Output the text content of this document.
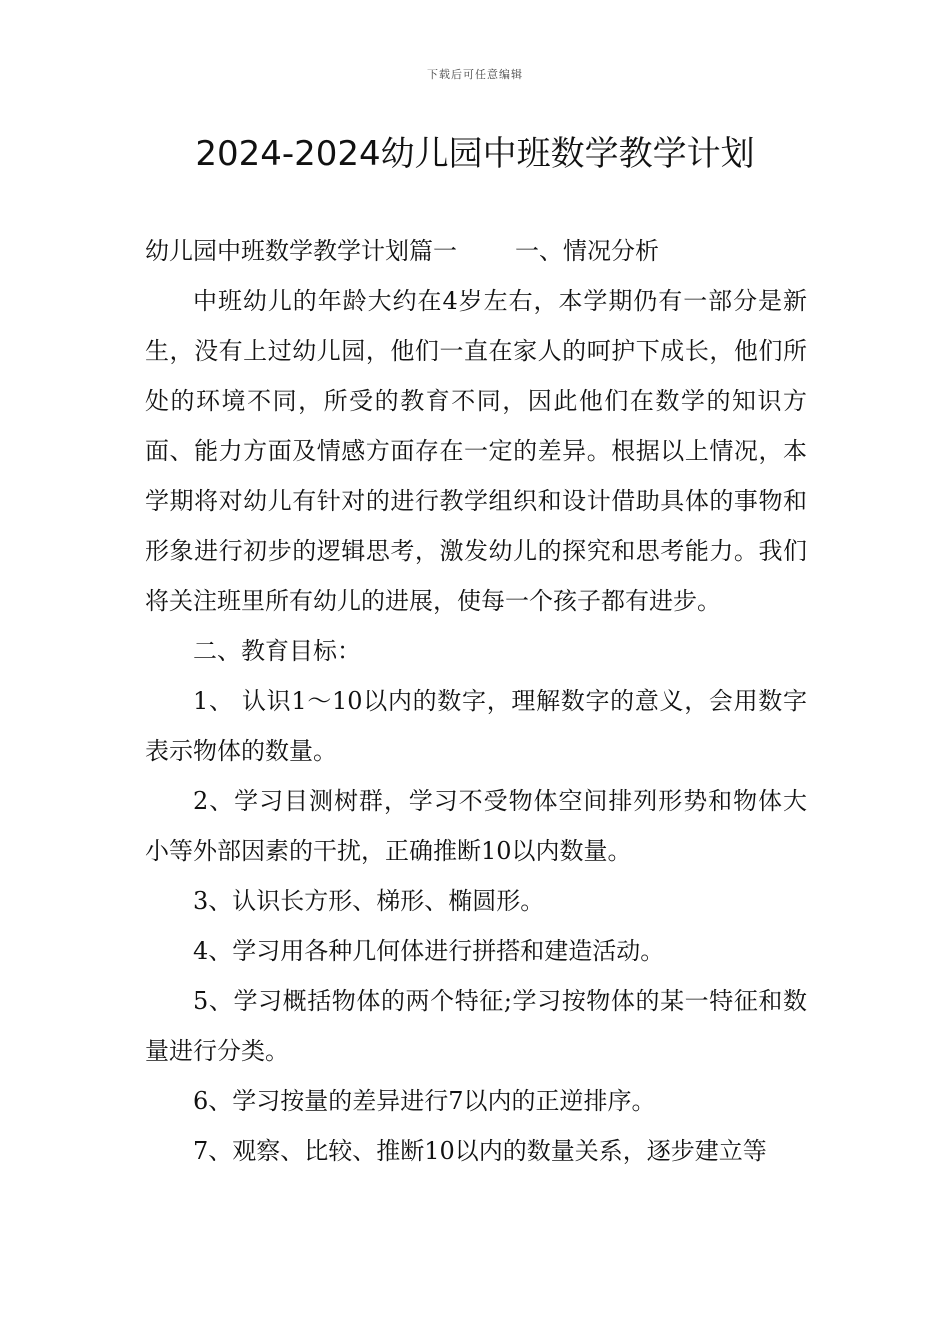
下载后可任意编辑
2024-2024幼儿园中班数学教学计划

幼儿园中班数学教学计划篇一 一、情况分析

中班幼儿的年龄大约在4岁左右，本学期仍有一部分是新生，没有上过幼儿园，他们一直在家人的呵护下成长，他们所处的环境不同，所受的教育不同，因此他们在数学的知识方面、能力方面及情感方面存在一定的差异。根据以上情况，本学期将对幼儿有针对的进行教学组织和设计借助具体的事物和形象进行初步的逻辑思考，激发幼儿的探究和思考能力。我们将关注班里所有幼儿的进展，使每一个孩子都有进步。

二、教育目标：

1、 认识1～10以内的数字，理解数字的意义，会用数字表示物体的数量。

2、学习目测树群，学习不受物体空间排列形势和物体大小等外部因素的干扰，正确推断10以内数量。

3、认识长方形、梯形、椭圆形。

4、学习用各种几何体进行拼搭和建造活动。

5、学习概括物体的两个特征;学习按物体的某一特征和数量进行分类。

6、学习按量的差异进行7以内的正逆排序。

7、观察、比较、推断10以内的数量关系，逐步建立等
